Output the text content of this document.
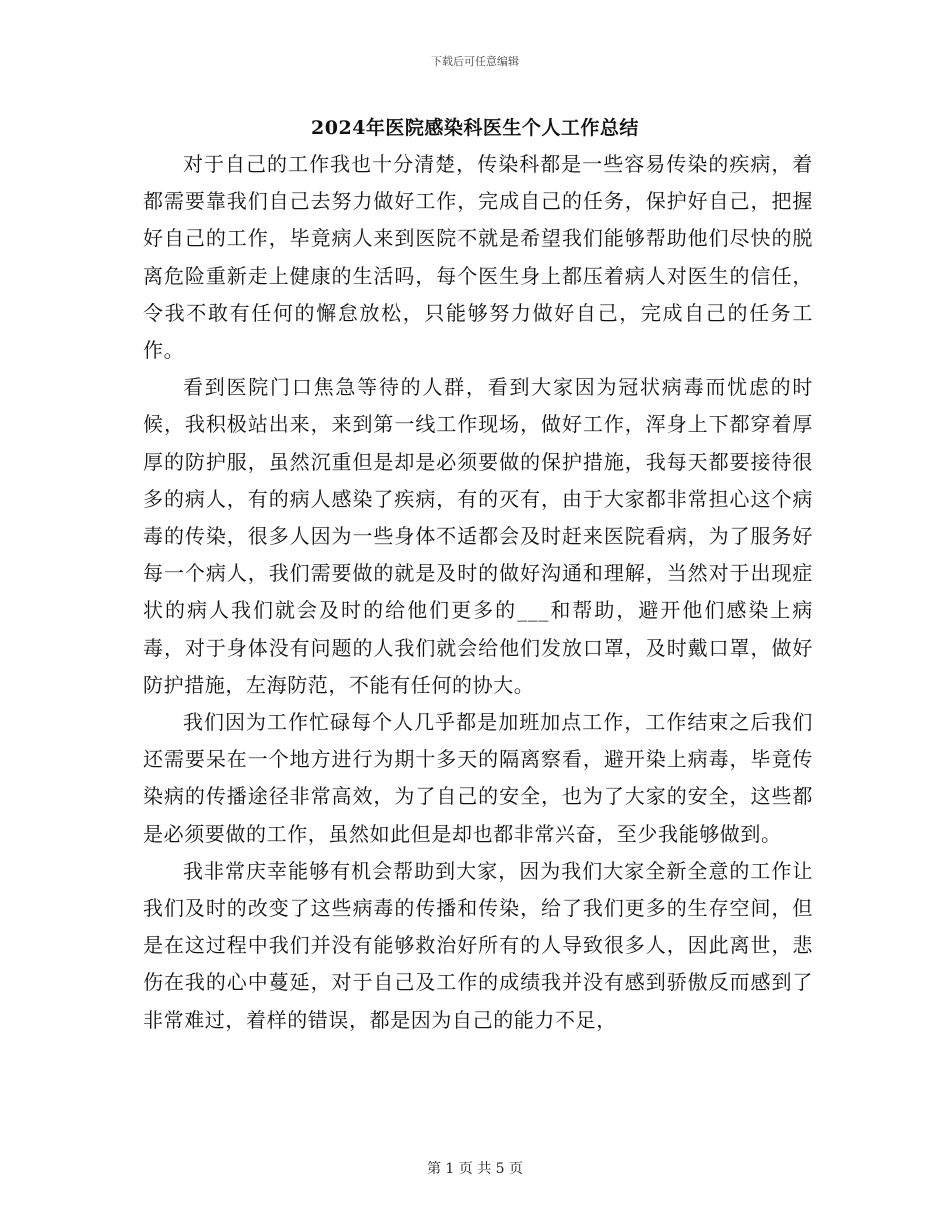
下载后可任意编辑
2024年医院感染科医生个人工作总结

对于自己的工作我也十分清楚，传染科都是一些容易传染的疾病，着都需要靠我们自己去努力做好工作，完成自己的任务，保护好自己，把握好自己的工作，毕竟病人来到医院不就是希望我们能够帮助他们尽快的脱离危险重新走上健康的生活吗，每个医生身上都压着病人对医生的信任，令我不敢有任何的懈怠放松，只能够努力做好自己，完成自己的任务工作。

看到医院门口焦急等待的人群，看到大家因为冠状病毒而忧虑的时候，我积极站出来，来到第一线工作现场，做好工作，浑身上下都穿着厚厚的防护服，虽然沉重但是却是必须要做的保护措施，我每天都要接待很多的病人，有的病人感染了疾病，有的灭有，由于大家都非常担心这个病毒的传染，很多人因为一些身体不适都会及时赶来医院看病，为了服务好每一个病人，我们需要做的就是及时的做好沟通和理解，当然对于出现症状的病人我们就会及时的给他们更多的___和帮助，避开他们感染上病毒，对于身体没有问题的人我们就会给他们发放口罩，及时戴口罩，做好防护措施，左海防范，不能有任何的协大。

我们因为工作忙碌每个人几乎都是加班加点工作，工作结束之后我们还需要呆在一个地方进行为期十多天的隔离察看，避开染上病毒，毕竟传染病的传播途径非常高效，为了自己的安全，也为了大家的安全，这些都是必须要做的工作，虽然如此但是却也都非常兴奋，至少我能够做到。

我非常庆幸能够有机会帮助到大家，因为我们大家全新全意的工作让我们及时的改变了这些病毒的传播和传染，给了我们更多的生存空间，但是在这过程中我们并没有能够救治好所有的人导致很多人，因此离世，悲伤在我的心中蔓延，对于自己及工作的成绩我并没有感到骄傲反而感到了非常难过，着样的错误，都是因为自己的能力不足，

第 1 页 共 5 页
